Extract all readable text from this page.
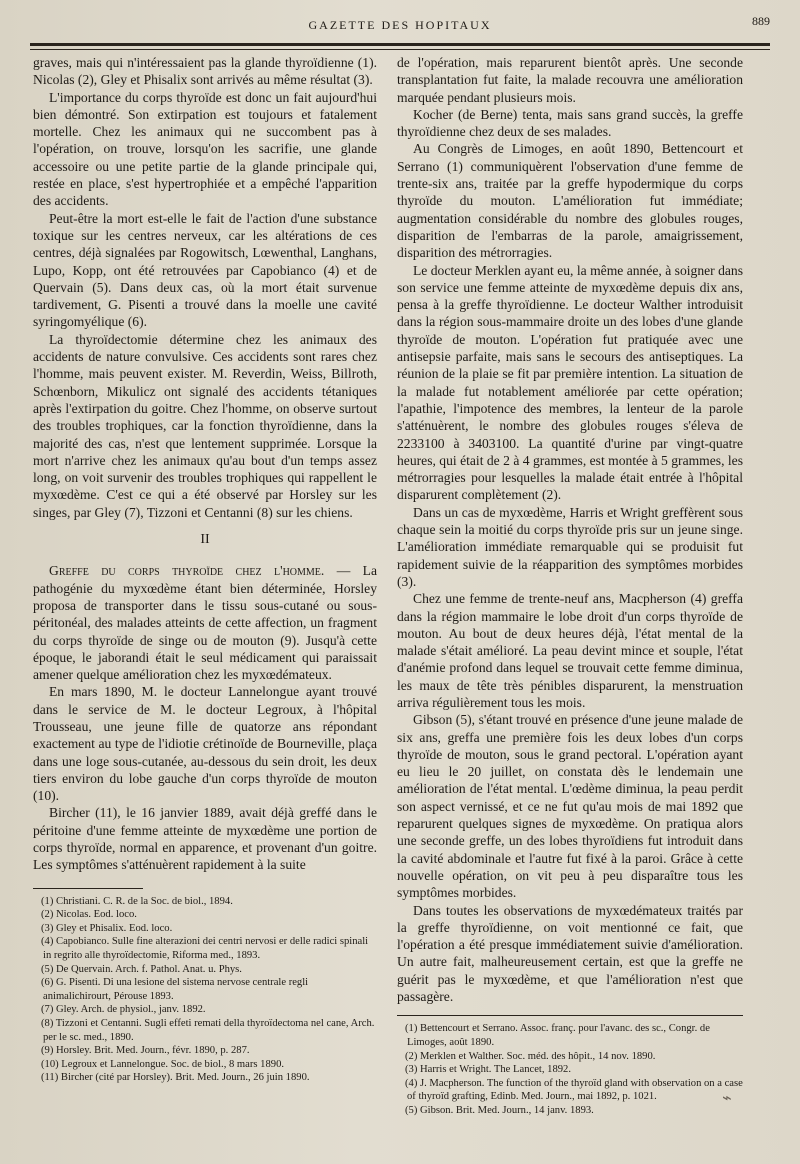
GAZETTE DES HOPITAUX	889

graves, mais qui n'intéressaient pas la glande thyroïdienne (1). Nicolas (2), Gley et Phisalix sont arrivés au même résultat (3).

L'importance du corps thyroïde est donc un fait aujourd'hui bien démontré. Son extirpation est toujours et fatalement mortelle. Chez les animaux qui ne succombent pas à l'opération, on trouve, lorsqu'on les sacrifie, une glande accessoire ou une petite partie de la glande principale qui, restée en place, s'est hypertrophiée et a empêché l'apparition des accidents.

Peut-être la mort est-elle le fait de l'action d'une substance toxique sur les centres nerveux, car les altérations de ces centres, déjà signalées par Rogowitsch, Lœwenthal, Langhans, Lupo, Kopp, ont été retrouvées par Capobianco (4) et de Quervain (5). Dans deux cas, où la mort était survenue tardivement, G. Pisenti a trouvé dans la moelle une cavité syringomyélique (6).

La thyroïdectomie détermine chez les animaux des accidents de nature convulsive. Ces accidents sont rares chez l'homme, mais peuvent exister. M. Reverdin, Weiss, Billroth, Schœnborn, Mikulicz ont signalé des accidents tétaniques après l'extirpation du goitre. Chez l'homme, on observe surtout des troubles trophiques, car la fonction thyroïdienne, dans la majorité des cas, n'est que lentement supprimée. Lorsque la mort n'arrive chez les animaux qu'au bout d'un temps assez long, on voit survenir des troubles trophiques qui rappellent le myxœdème. C'est ce qui a été observé par Horsley sur les singes, par Gley (7), Tizzoni et Centanni (8) sur les chiens.

II

Greffe du corps thyroïde chez l'homme. — La pathogénie du myxœdème étant bien déterminée, Horsley proposa de transporter dans le tissu sous-cutané ou sous-péritonéal, des malades atteints de cette affection, un fragment du corps thyroïde de singe ou de mouton (9). Jusqu'à cette époque, le jaborandi était le seul médicament qui paraissait amener quelque amélioration chez les myxœdémateux.

En mars 1890, M. le docteur Lannelongue ayant trouvé dans le service de M. le docteur Legroux, à l'hôpital Trousseau, une jeune fille de quatorze ans répondant exactement au type de l'idiotie crétinoïde de Bourneville, plaça dans une loge sous-cutanée, au-dessous du sein droit, les deux tiers environ du lobe gauche d'un corps thyroïde de mouton (10).

Bircher (11), le 16 janvier 1889, avait déjà greffé dans le péritoine d'une femme atteinte de myxœdème une portion de corps thyroïde, normal en apparence, et provenant d'un goitre. Les symptômes s'atténuèrent rapidement à la suite

(1) Christiani. C. R. de la Soc. de biol., 1894.
(2) Nicolas. Eod. loco.
(3) Gley et Phisalix. Eod. loco.
(4) Capobianco. Sulle fine alterazioni dei centri nervosi er delle radici spinali in regrito alle thyroïdectomie, Riforma med., 1893.
(5) De Quervain. Arch. f. Pathol. Anat. u. Phys.
(6) G. Pisenti. Di una lesione del sistema nervose centrale regli animalichirourt, Pérouse 1893.
(7) Gley. Arch. de physiol., janv. 1892.
(8) Tizzoni et Centanni. Sugli effeti remati della thyroïdectoma nel cane, Arch. per le sc. med., 1890.
(9) Horsley. Brit. Med. Journ., févr. 1890, p. 287.
(10) Legroux et Lannelongue. Soc. de biol., 8 mars 1890.
(11) Bircher (cité par Horsley). Brit. Med. Journ., 26 juin 1890.

de l'opération, mais reparurent bientôt après. Une seconde transplantation fut faite, la malade recouvra une amélioration marquée pendant plusieurs mois.

Kocher (de Berne) tenta, mais sans grand succès, la greffe thyroïdienne chez deux de ses malades.

Au Congrès de Limoges, en août 1890, Bettencourt et Serrano (1) communiquèrent l'observation d'une femme de trente-six ans, traitée par la greffe hypodermique du corps thyroïde du mouton. L'amélioration fut immédiate; augmentation considérable du nombre des globules rouges, disparition de l'embarras de la parole, amaigrissement, disparition des métrorragies.

Le docteur Merklen ayant eu, la même année, à soigner dans son service une femme atteinte de myxœdème depuis dix ans, pensa à la greffe thyroïdienne. Le docteur Walther introduisit dans la région sous-mammaire droite un des lobes d'une glande thyroïde de mouton. L'opération fut pratiquée avec une antisepsie parfaite, mais sans le secours des antiseptiques. La réunion de la plaie se fit par première intention. La situation de la malade fut notablement améliorée par cette opération; l'apathie, l'impotence des membres, la lenteur de la parole s'atténuèrent, le nombre des globules rouges s'éleva de 2233100 à 3403100. La quantité d'urine par vingt-quatre heures, qui était de 2 à 4 grammes, est montée à 5 grammes, les métrorragies pour lesquelles la malade était entrée à l'hôpital disparurent complètement (2).

Dans un cas de myxœdème, Harris et Wright greffèrent sous chaque sein la moitié du corps thyroïde pris sur un jeune singe. L'amélioration immédiate remarquable qui se produisit fut rapidement suivie de la réapparition des symptômes morbides (3).

Chez une femme de trente-neuf ans, Macpherson (4) greffa dans la région mammaire le lobe droit d'un corps thyroïde de mouton. Au bout de deux heures déjà, l'état mental de la malade s'était amélioré. La peau devint mince et souple, l'état d'anémie profond dans lequel se trouvait cette femme diminua, les maux de tête très pénibles disparurent, la menstruation arriva régulièrement tous les mois.

Gibson (5), s'étant trouvé en présence d'une jeune malade de six ans, greffa une première fois les deux lobes d'un corps thyroïde de mouton, sous le grand pectoral. L'opération ayant eu lieu le 20 juillet, on constata dès le lendemain une amélioration de l'état mental. L'œdème diminua, la peau perdit son aspect vernissé, et ce ne fut qu'au mois de mai 1892 que reparurent quelques signes de myxœdème. On pratiqua alors une seconde greffe, un des lobes thyroïdiens fut introduit dans la cavité abdominale et l'autre fut fixé à la paroi. Grâce à cette nouvelle opération, on vit peu à peu disparaître tous les symptômes morbides.

Dans toutes les observations de myxœdémateux traités par la greffe thyroïdienne, on voit mentionné ce fait, que l'opération a été presque immédiatement suivie d'amélioration. Un autre fait, malheureusement certain, est que la greffe ne guérit pas le myxœdème, et que l'amélioration n'est que passagère.

(1) Bettencourt et Serrano. Assoc. franç. pour l'avanc. des sc., Congr. de Limoges, août 1890.
(2) Merklen et Walther. Soc. méd. des hôpit., 14 nov. 1890.
(3) Harris et Wright. The Lancet, 1892.
(4) J. Macpherson. The function of the thyroïd gland with observation on a case of thyroïd grafting, Edinb. Med. Journ., mai 1892, p. 1021.
(5) Gibson. Brit. Med. Journ., 14 janv. 1893.
⌁
